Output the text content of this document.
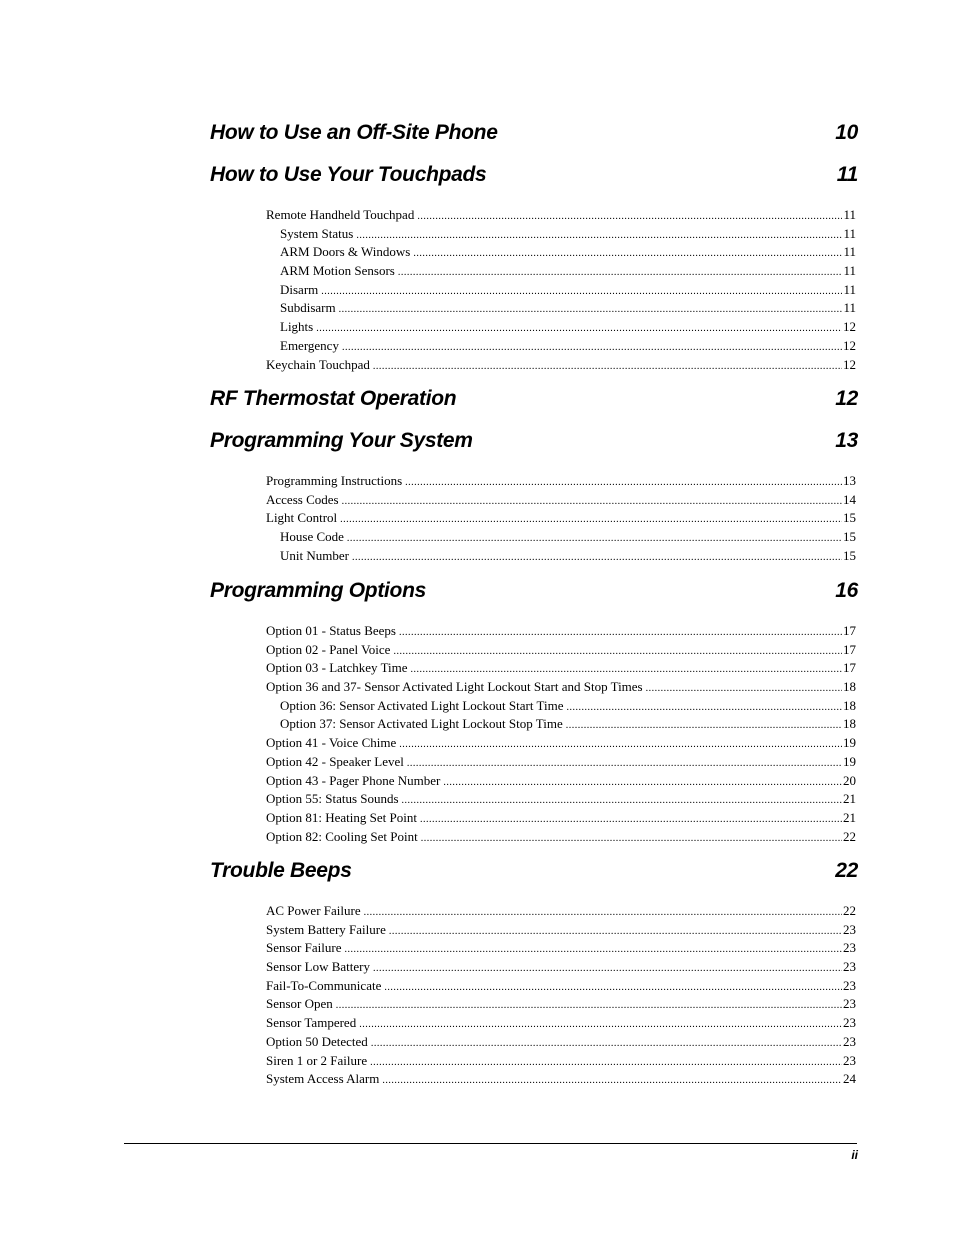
How to Use an Off-Site Phone	10
How to Use Your Touchpads	11
Remote Handheld Touchpad .....	11
System Status .....	11
ARM Doors & Windows .....	11
ARM Motion Sensors .....	11
Disarm .....	11
Subdisarm .....	11
Lights .....	12
Emergency .....	12
Keychain Touchpad .....	12
RF Thermostat Operation	12
Programming Your System	13
Programming Instructions .....	13
Access Codes .....	14
Light Control .....	15
House Code .....	15
Unit Number .....	15
Programming Options	16
Option 01 - Status Beeps .....	17
Option 02 - Panel Voice .....	17
Option 03 - Latchkey Time .....	17
Option 36 and 37- Sensor Activated Light Lockout Start and Stop Times .....	18
Option 36: Sensor Activated Light Lockout Start Time .....	18
Option 37: Sensor Activated Light Lockout Stop Time .....	18
Option 41 - Voice Chime .....	19
Option 42 - Speaker Level .....	19
Option 43 - Pager Phone Number .....	20
Option 55: Status Sounds .....	21
Option 81: Heating Set Point .....	21
Option 82: Cooling Set Point .....	22
Trouble Beeps	22
AC Power Failure .....	22
System Battery Failure .....	23
Sensor Failure .....	23
Sensor Low Battery .....	23
Fail-To-Communicate .....	23
Sensor Open .....	23
Sensor Tampered .....	23
Option 50 Detected .....	23
Siren 1 or 2 Failure .....	23
System Access Alarm .....	24
ii
